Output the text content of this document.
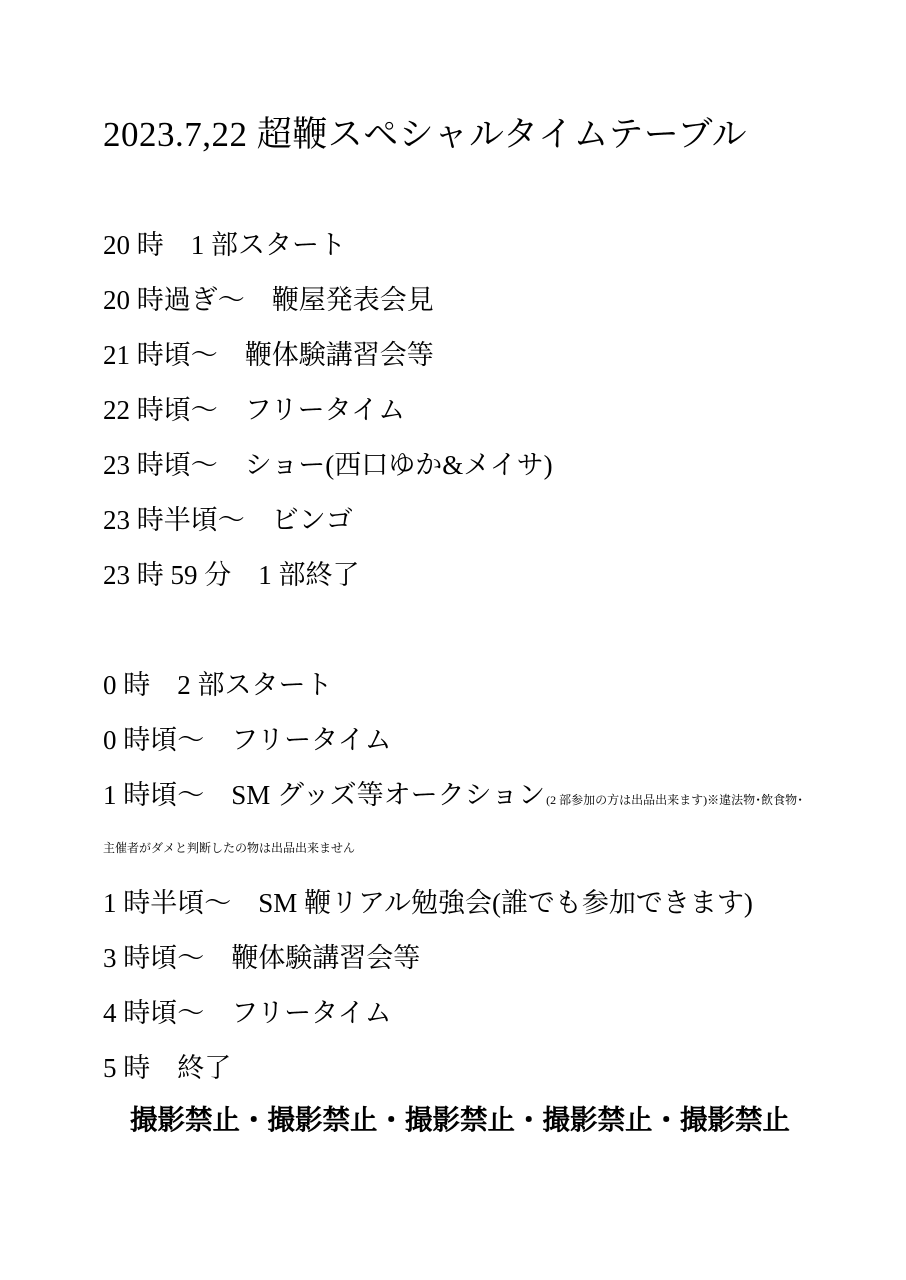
2023.7,22 超鞭スペシャルタイムテーブル
20 時 1 部スタート
20 時過ぎ～ 鞭屋発表会見
21 時頃～ 鞭体験講習会等
22 時頃～ フリータイム
23 時頃～ ショー(西口ゆか&メイサ)
23 時半頃～ ビンゴ
23 時 59 分 1 部終了
0 時 2 部スタート
0 時頃～ フリータイム
1 時頃～ SM グッズ等オークション(2 部参加の方は出品出来ます)※違法物･飲食物･
主催者がダメと判断したの物は出品出来ません
1 時半頃～ SM 鞭リアル勉強会(誰でも参加できます)
3 時頃～ 鞭体験講習会等
4 時頃～ フリータイム
5 時 終了
撮影禁止・撮影禁止・撮影禁止・撮影禁止・撮影禁止
